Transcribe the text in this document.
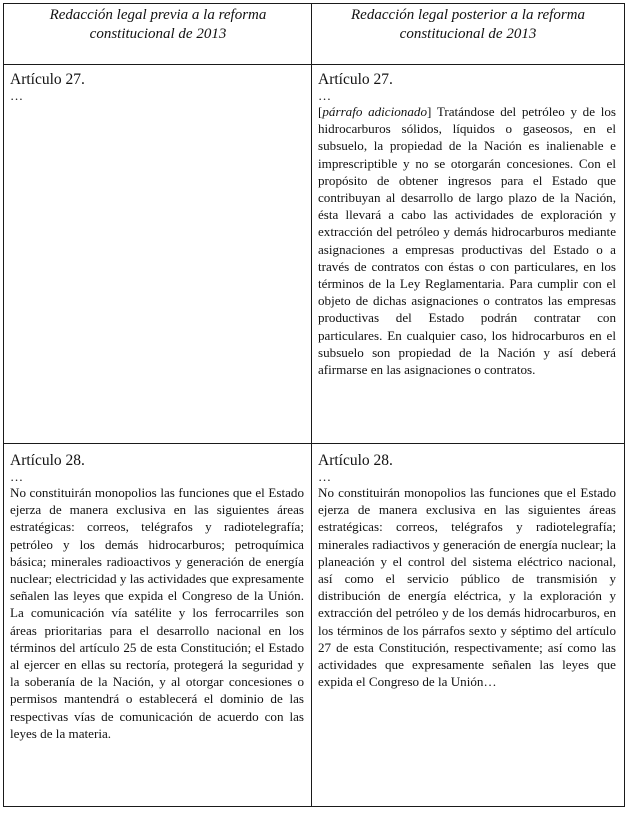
Redacción legal previa a la reforma constitucional de 2013
Redacción legal posterior a la reforma constitucional de 2013
Artículo 27.
…
Artículo 27.
…

[párrafo adicionado] Tratándose del petróleo y de los hidrocarburos sólidos, líquidos o gaseosos, en el subsuelo, la propiedad de la Nación es inalienable e imprescriptible y no se otorgarán concesiones. Con el propósito de obtener ingresos para el Estado que contribuyan al desarrollo de largo plazo de la Nación, ésta llevará a cabo las actividades de exploración y extracción del petróleo y demás hidrocarburos mediante asignaciones a empresas productivas del Estado o a través de contratos con éstas o con particulares, en los términos de la Ley Reglamentaria. Para cumplir con el objeto de dichas asignaciones o contratos las empresas productivas del Estado podrán contratar con particulares. En cualquier caso, los hidrocarburos en el subsuelo son propiedad de la Nación y así deberá afirmarse en las asignaciones o contratos.

Artículo 28.
…

No constituirán monopolios las funciones que el Estado ejerza de manera exclusiva en las siguientes áreas estratégicas: correos, telégrafos y radiotelegrafía; petróleo y los demás hidrocarburos; petroquímica básica; minerales radioactivos y generación de energía nuclear; electricidad y las actividades que expresamente señalen las leyes que expida el Congreso de la Unión. La comunicación vía satélite y los ferrocarriles son áreas prioritarias para el desarrollo nacional en los términos del artículo 25 de esta Constitución; el Estado al ejercer en ellas su rectoría, protegerá la seguridad y la soberanía de la Nación, y al otorgar concesiones o permisos mantendrá o establecerá el dominio de las respectivas vías de comunicación de acuerdo con las leyes de la materia.

Artículo 28.
…

No constituirán monopolios las funciones que el Estado ejerza de manera exclusiva en las siguientes áreas estratégicas: correos, telégrafos y radiotelegrafía; minerales radiactivos y generación de energía nuclear; la planeación y el control del sistema eléctrico nacional, así como el servicio público de transmisión y distribución de energía eléctrica, y la exploración y extracción del petróleo y de los demás hidrocarburos, en los términos de los párrafos sexto y séptimo del artículo 27 de esta Constitución, respectivamente; así como las actividades que expresamente señalen las leyes que expida el Congreso de la Unión…
